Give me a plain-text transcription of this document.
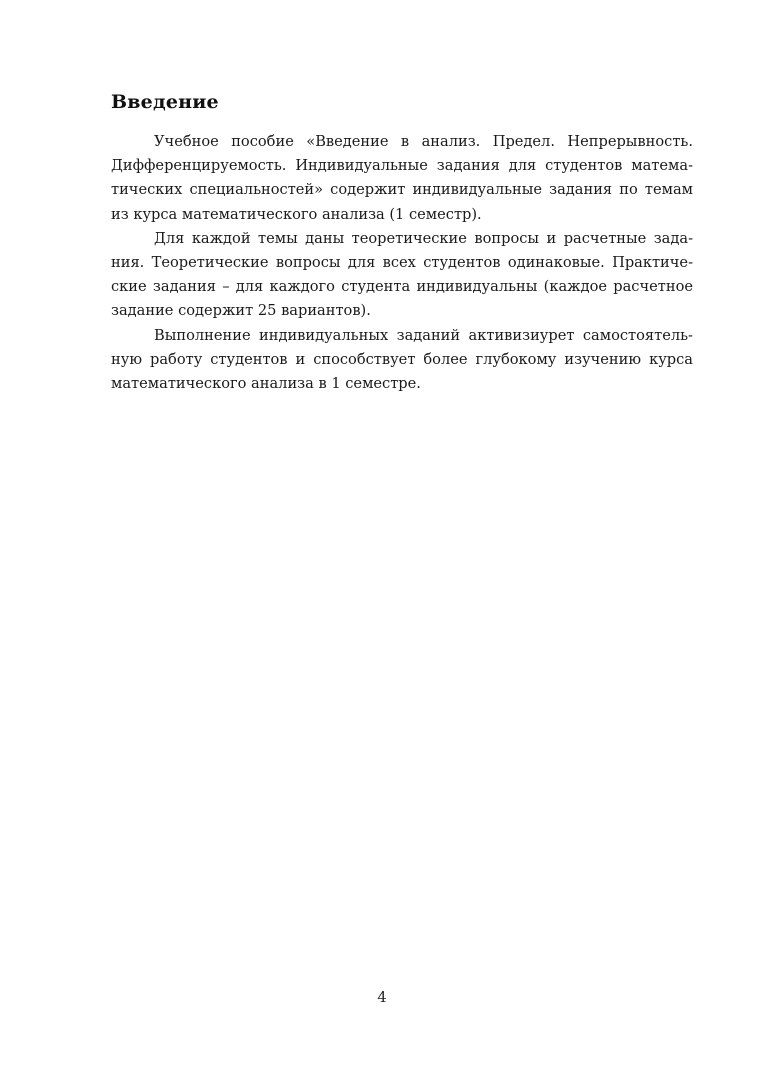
Введение

Учебное пособие «Введение в анализ. Предел. Непрерывность.
Дифференцируемость. Индивидуальные задания для студентов матема-
тических специальностей» содержит индивидуальные задания по темам
из курса математического анализа (1 семестр).

Для каждой темы даны теоретические вопросы и расчетные зада-
ния. Теоретические вопросы для всех студентов одинаковые. Практиче-
ские задания – для каждого студента индивидуальны (каждое расчетное
задание содержит 25 вариантов).

Выполнение индивидуальных заданий активизиурет самостоятель-
ную работу студентов и способствует более глубокому изучению курса
математического анализа в 1 семестре.

4
